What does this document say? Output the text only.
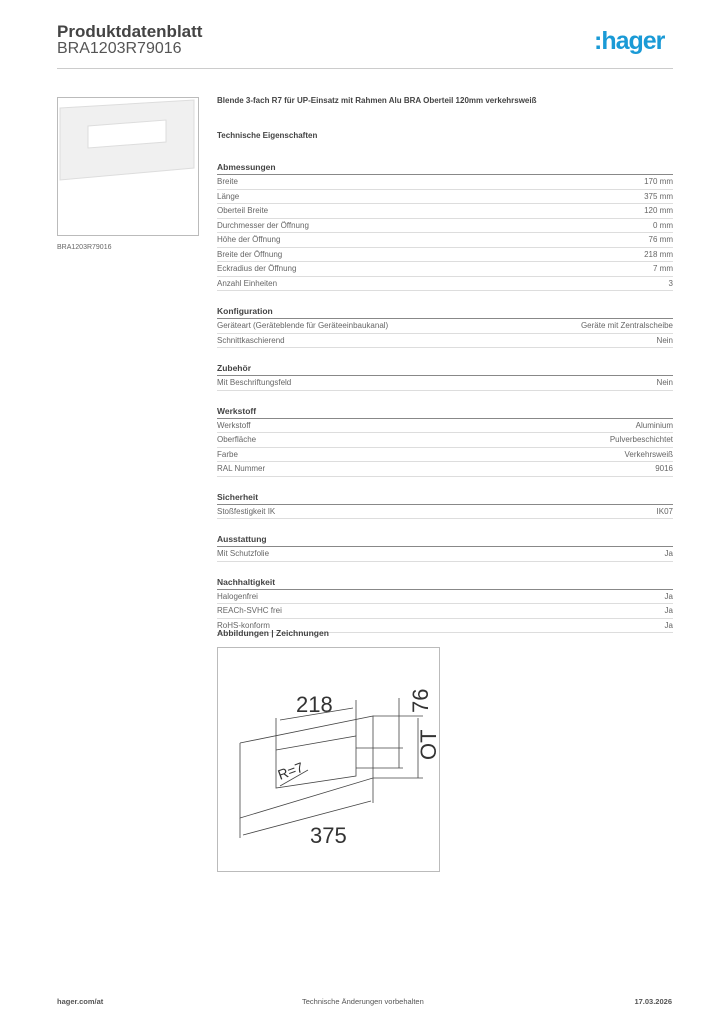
Produktdatenblatt
BRA1203R79016	:hager
BRA1203R79016
Blende 3-fach R7 für UP-Einsatz mit Rahmen Alu BRA Oberteil 120mm verkehrsweiß
Technische Eigenschaften
Abmessungen
Breite	170 mm
Länge	375 mm
Oberteil Breite	120 mm
Durchmesser der Öffnung	0 mm
Höhe der Öffnung	76 mm
Breite der Öffnung	218 mm
Eckradius der Öffnung	7 mm
Anzahl Einheiten	3
Konfiguration
Geräteart (Geräteblende für Geräteeinbaukanal)	Geräte mit Zentralscheibe
Schnittkaschierend	Nein
Zubehör
Mit Beschriftungsfeld	Nein
Werkstoff
Werkstoff	Aluminium
Oberfläche	Pulverbeschichtet
Farbe	Verkehrsweiß
RAL Nummer	9016
Sicherheit
Stoßfestigkeit IK	IK07
Ausstattung
Mit Schutzfolie	Ja
Nachhaltigkeit
Halogenfrei	Ja
REACh-SVHC frei	Ja
RoHS-konform	Ja
Abbildungen | Zeichnungen
218
375
76
OT
R=7
hager.com/at	Technische Änderungen vorbehalten	17.03.2026
